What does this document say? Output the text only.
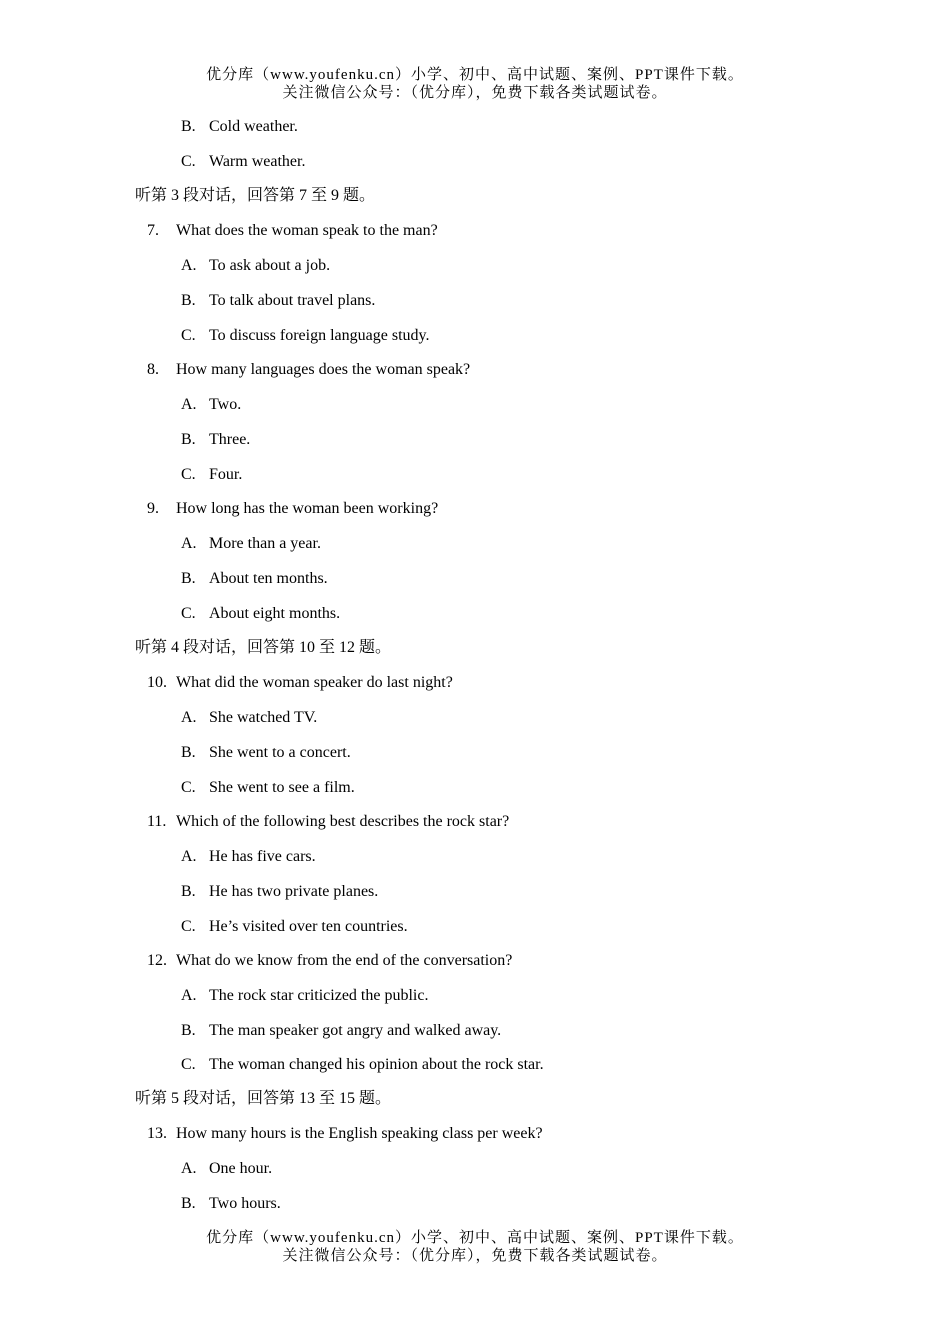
优分库（www.youfenku.cn）小学、初中、高中试题、案例、PPT课件下载。
关注微信公众号：（优分库），免费下载各类试题试卷。
B. Cold weather.
C. Warm weather.
听第 3 段对话，回答第 7 至 9 题。
7. What does the woman speak to the man?
A. To ask about a job.
B. To talk about travel plans.
C. To discuss foreign language study.
8. How many languages does the woman speak?
A. Two.
B. Three.
C. Four.
9. How long has the woman been working?
A. More than a year.
B. About ten months.
C. About eight months.
听第 4 段对话，回答第 10 至 12 题。
10. What did the woman speaker do last night?
A. She watched TV.
B. She went to a concert.
C. She went to see a film.
11. Which of the following best describes the rock star?
A. He has five cars.
B. He has two private planes.
C. He’s visited over ten countries.
12. What do we know from the end of the conversation?
A. The rock star criticized the public.
B. The man speaker got angry and walked away.
C. The woman changed his opinion about the rock star.
听第 5 段对话，回答第 13 至 15 题。
13. How many hours is the English speaking class per week?
A. One hour.
B. Two hours.
优分库（www.youfenku.cn）小学、初中、高中试题、案例、PPT课件下载。
关注微信公众号：（优分库），免费下载各类试题试卷。
